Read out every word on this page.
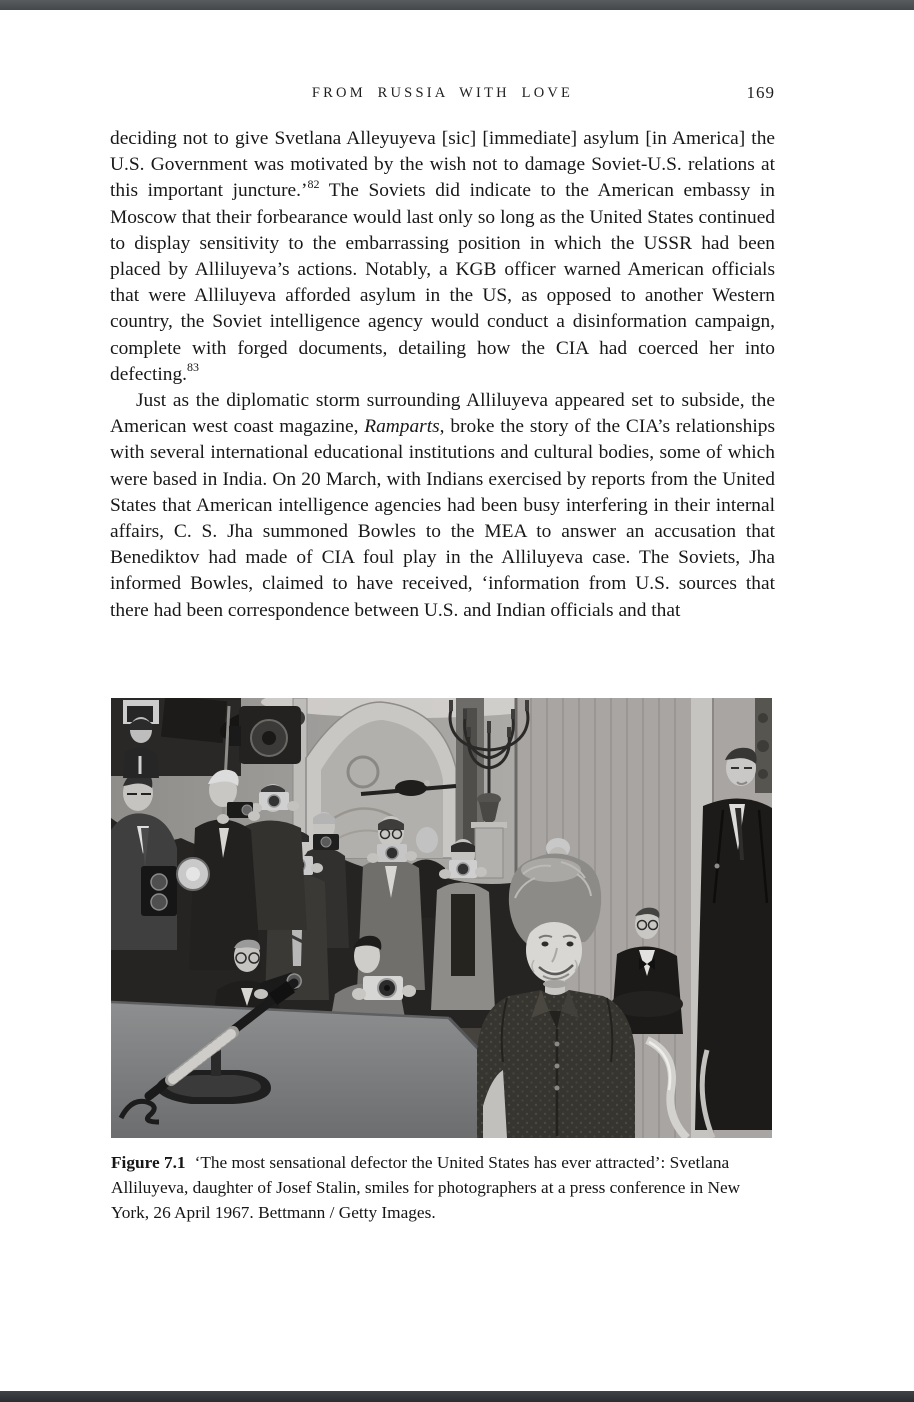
FROM RUSSIA WITH LOVE	169

deciding not to give Svetlana Alleyuyeva [sic] [immediate] asylum [in America] the U.S. Government was motivated by the wish not to damage Soviet-U.S. relations at this important juncture.’$^{82}$ The Soviets did indicate to the American embassy in Moscow that their forbearance would last only so long as the United States continued to display sensitivity to the embarrassing position in which the USSR had been placed by Alliluyeva’s actions. Notably, a KGB officer warned American officials that were Alliluyeva afforded asylum in the US, as opposed to another Western country, the Soviet intelligence agency would conduct a disinformation campaign, complete with forged documents, detailing how the CIA had coerced her into defecting.$^{83}$

Just as the diplomatic storm surrounding Alliluyeva appeared set to subside, the American west coast magazine, Ramparts, broke the story of the CIA’s relationships with several international educational institutions and cultural bodies, some of which were based in India. On 20 March, with Indians exercised by reports from the United States that American intelligence agencies had been busy interfering in their internal affairs, C. S. Jha summoned Bowles to the MEA to answer an accusation that Benediktov had made of CIA foul play in the Alliluyeva case. The Soviets, Jha informed Bowles, claimed to have received, ‘information from U.S. sources that there had been correspondence between U.S. and Indian officials and that

Figure 7.1 ‘The most sensational defector the United States has ever attracted’: Svetlana Alliluyeva, daughter of Josef Stalin, smiles for photographers at a press conference in New York, 26 April 1967. Bettmann / Getty Images.
